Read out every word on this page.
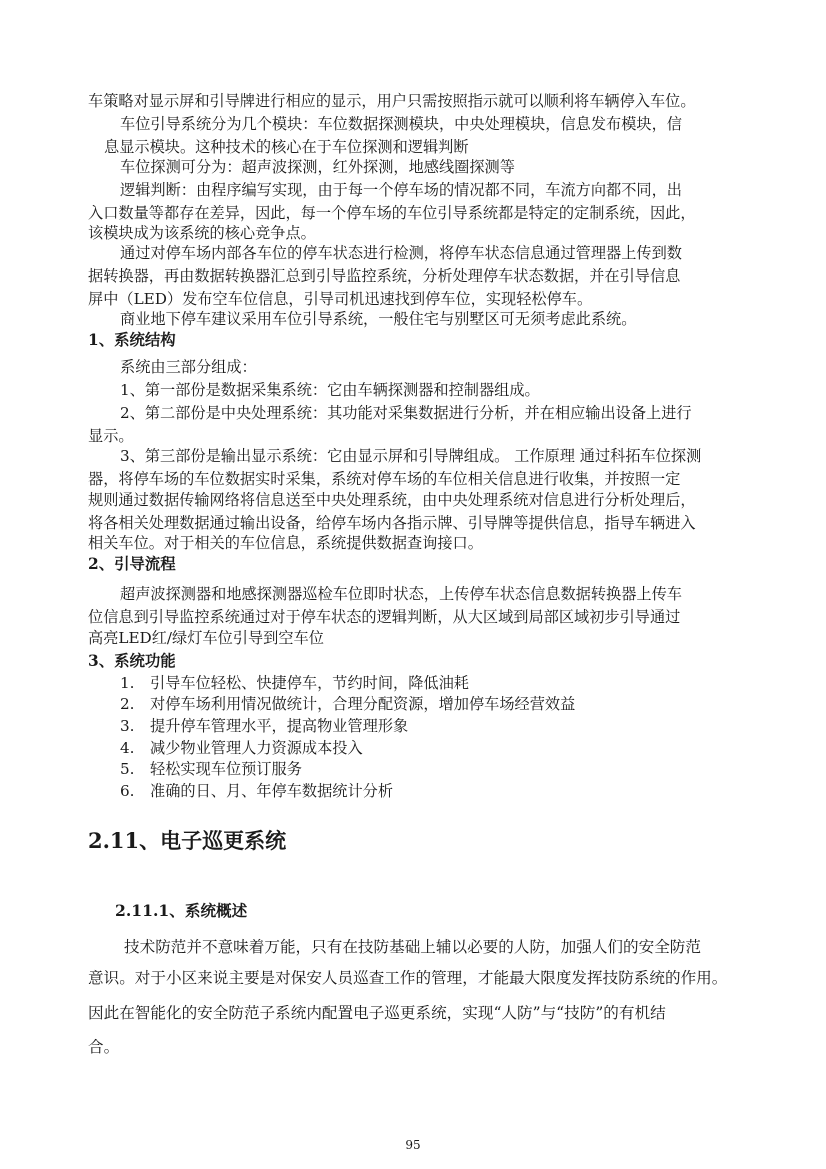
车策略对显示屏和引导牌进行相应的显示，用户只需按照指示就可以顺利将车辆停入车位。
车位引导系统分为几个模块：车位数据探测模块，中央处理模块，信息发布模块，信
息显示模块。这种技术的核心在于车位探测和逻辑判断
车位探测可分为：超声波探测，红外探测，地感线圈探测等
逻辑判断：由程序编写实现，由于每一个停车场的情况都不同，车流方向都不同，出
入口数量等都存在差异，因此，每一个停车场的车位引导系统都是特定的定制系统，因此，
该模块成为该系统的核心竞争点。
通过对停车场内部各车位的停车状态进行检测，将停车状态信息通过管理器上传到数
据转换器，再由数据转换器汇总到引导监控系统，分析处理停车状态数据，并在引导信息
屏中（LED）发布空车位信息，引导司机迅速找到停车位，实现轻松停车。
商业地下停车建议采用车位引导系统，一般住宅与别墅区可无须考虑此系统。
1、系统结构
系统由三部分组成：
1、第一部份是数据采集系统：它由车辆探测器和控制器组成。
2、第二部份是中央处理系统：其功能对采集数据进行分析，并在相应输出设备上进行
显示。
3、第三部份是输出显示系统：它由显示屏和引导牌组成。 工作原理 通过科拓车位探测
器，将停车场的车位数据实时采集，系统对停车场的车位相关信息进行收集，并按照一定
规则通过数据传输网络将信息送至中央处理系统，由中央处理系统对信息进行分析处理后，
将各相关处理数据通过输出设备，给停车场内各指示牌、引导牌等提供信息，指导车辆进入
相关车位。对于相关的车位信息，系统提供数据查询接口。
2、引导流程
超声波探测器和地感探测器巡检车位即时状态，上传停车状态信息数据转换器上传车
位信息到引导监控系统通过对于停车状态的逻辑判断，从大区域到局部区域初步引导通过
高亮LED红/绿灯车位引导到空车位
3、系统功能
1. 引导车位轻松、快捷停车，节约时间，降低油耗
2. 对停车场利用情况做统计，合理分配资源，增加停车场经营效益
3. 提升停车管理水平，提高物业管理形象
4. 减少物业管理人力资源成本投入
5. 轻松实现车位预订服务
6. 准确的日、月、年停车数据统计分析
2.11、电子巡更系统
2.11.1、系统概述
技术防范并不意味着万能，只有在技防基础上辅以必要的人防，加强人们的安全防范
意识。对于小区来说主要是对保安人员巡查工作的管理，才能最大限度发挥技防系统的作用。
因此在智能化的安全防范子系统内配置电子巡更系统，实现“人防”与“技防”的有机结
合。
95
